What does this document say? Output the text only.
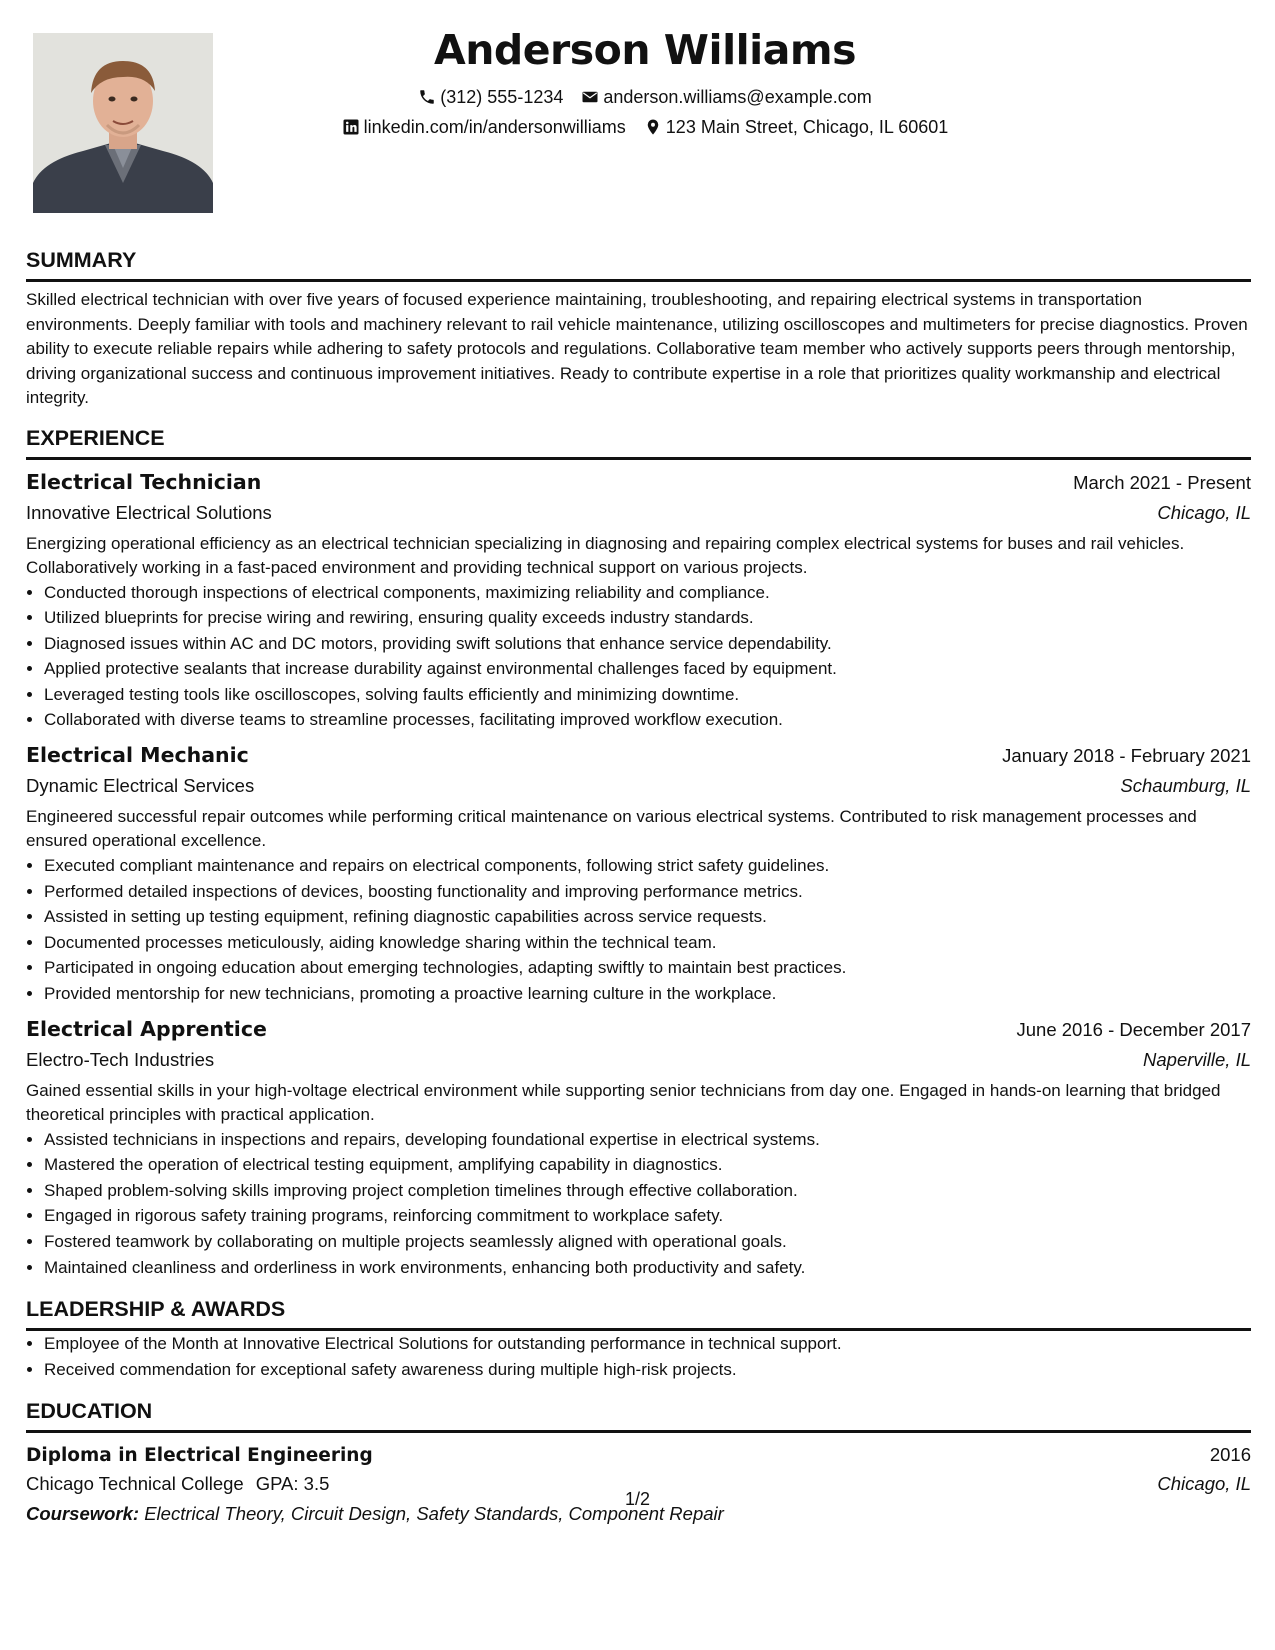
Anderson Williams
(312) 555-1234 anderson.williams@example.com
linkedin.com/in/andersonwilliams 123 Main Street, Chicago, IL 60601
SUMMARY
Skilled electrical technician with over five years of focused experience maintaining, troubleshooting, and repairing electrical systems in transportation environments. Deeply familiar with tools and machinery relevant to rail vehicle maintenance, utilizing oscilloscopes and multimeters for precise diagnostics. Proven ability to execute reliable repairs while adhering to safety protocols and regulations. Collaborative team member who actively supports peers through mentorship, driving organizational success and continuous improvement initiatives. Ready to contribute expertise in a role that prioritizes quality workmanship and electrical integrity.
EXPERIENCE
Electrical Technician	March 2021 - Present
Innovative Electrical Solutions	Chicago, IL
Energizing operational efficiency as an electrical technician specializing in diagnosing and repairing complex electrical systems for buses and rail vehicles. Collaboratively working in a fast-paced environment and providing technical support on various projects.
• Conducted thorough inspections of electrical components, maximizing reliability and compliance.
• Utilized blueprints for precise wiring and rewiring, ensuring quality exceeds industry standards.
• Diagnosed issues within AC and DC motors, providing swift solutions that enhance service dependability.
• Applied protective sealants that increase durability against environmental challenges faced by equipment.
• Leveraged testing tools like oscilloscopes, solving faults efficiently and minimizing downtime.
• Collaborated with diverse teams to streamline processes, facilitating improved workflow execution.
Electrical Mechanic	January 2018 - February 2021
Dynamic Electrical Services	Schaumburg, IL
Engineered successful repair outcomes while performing critical maintenance on various electrical systems. Contributed to risk management processes and ensured operational excellence.
• Executed compliant maintenance and repairs on electrical components, following strict safety guidelines.
• Performed detailed inspections of devices, boosting functionality and improving performance metrics.
• Assisted in setting up testing equipment, refining diagnostic capabilities across service requests.
• Documented processes meticulously, aiding knowledge sharing within the technical team.
• Participated in ongoing education about emerging technologies, adapting swiftly to maintain best practices.
• Provided mentorship for new technicians, promoting a proactive learning culture in the workplace.
Electrical Apprentice	June 2016 - December 2017
Electro-Tech Industries	Naperville, IL
Gained essential skills in your high-voltage electrical environment while supporting senior technicians from day one. Engaged in hands-on learning that bridged theoretical principles with practical application.
• Assisted technicians in inspections and repairs, developing foundational expertise in electrical systems.
• Mastered the operation of electrical testing equipment, amplifying capability in diagnostics.
• Shaped problem-solving skills improving project completion timelines through effective collaboration.
• Engaged in rigorous safety training programs, reinforcing commitment to workplace safety.
• Fostered teamwork by collaborating on multiple projects seamlessly aligned with operational goals.
• Maintained cleanliness and orderliness in work environments, enhancing both productivity and safety.
LEADERSHIP & AWARDS
• Employee of the Month at Innovative Electrical Solutions for outstanding performance in technical support.
• Received commendation for exceptional safety awareness during multiple high-risk projects.
EDUCATION
Diploma in Electrical Engineering	2016
Chicago Technical College GPA: 3.5	Chicago, IL
Coursework: Electrical Theory, Circuit Design, Safety Standards, Component Repair
1/2
